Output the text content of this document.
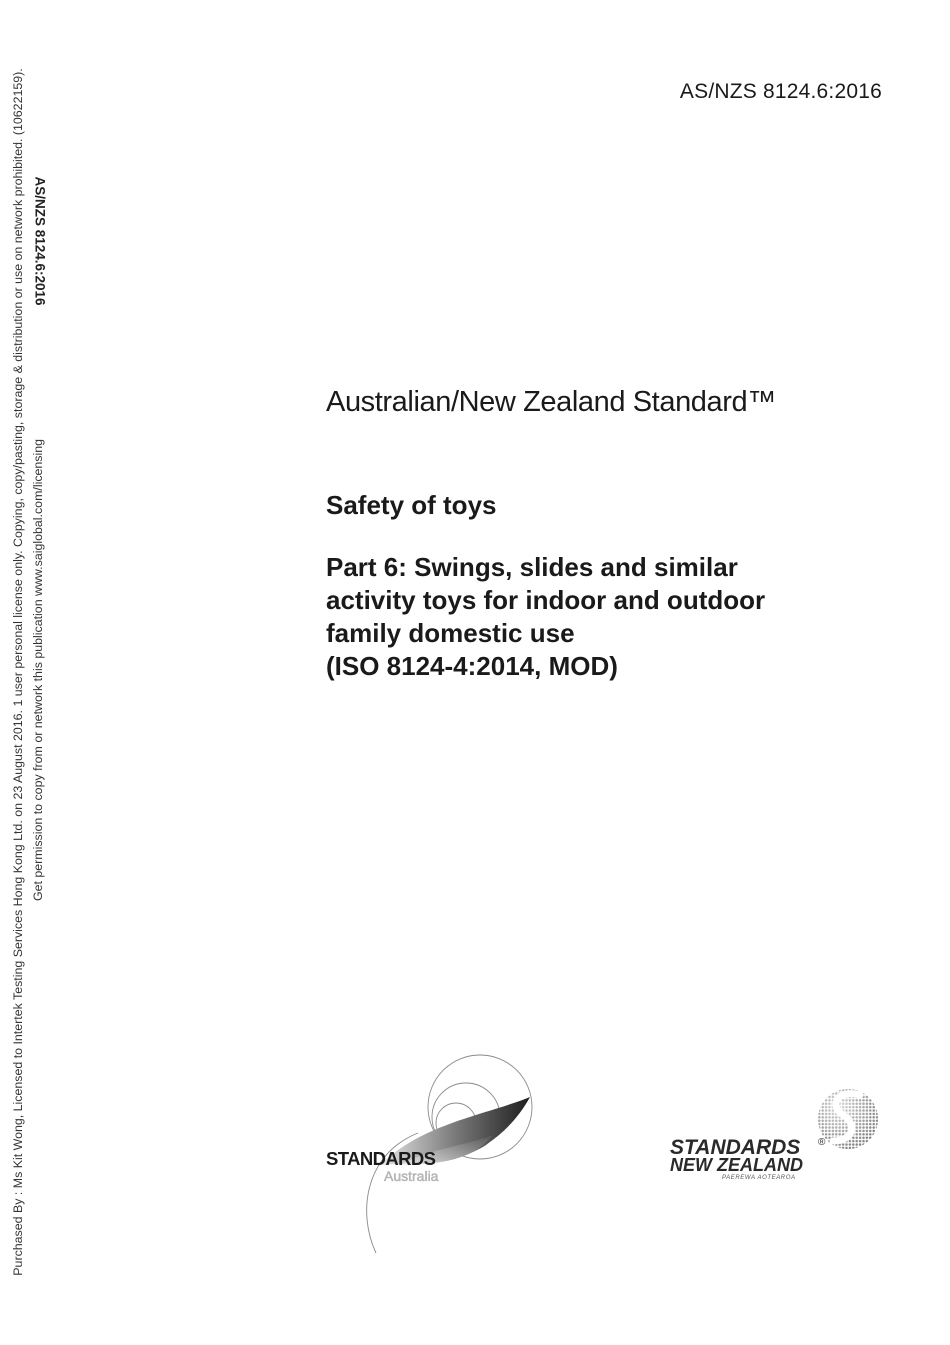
Purchased By : Ms Kit Wong, Licensed to Intertek Testing Services Hong Kong Ltd. on 23 August 2016. 1 user personal license only. Copying, copy/pasting, storage & distribution or use on network prohibited. (10622159). Get permission to copy from or network this publication www.saiglobal.com/licensing
AS/NZS 8124.6:2016
AS/NZS 8124.6:2016
Australian/New Zealand Standard™
Safety of toys
Part 6: Swings, slides and similar
activity toys for indoor and outdoor
family domestic use
(ISO 8124-4:2014, MOD)
STANDARDS
Australia
STANDARDS ®
NEW ZEALAND
PAEREWA AOTEAROA
